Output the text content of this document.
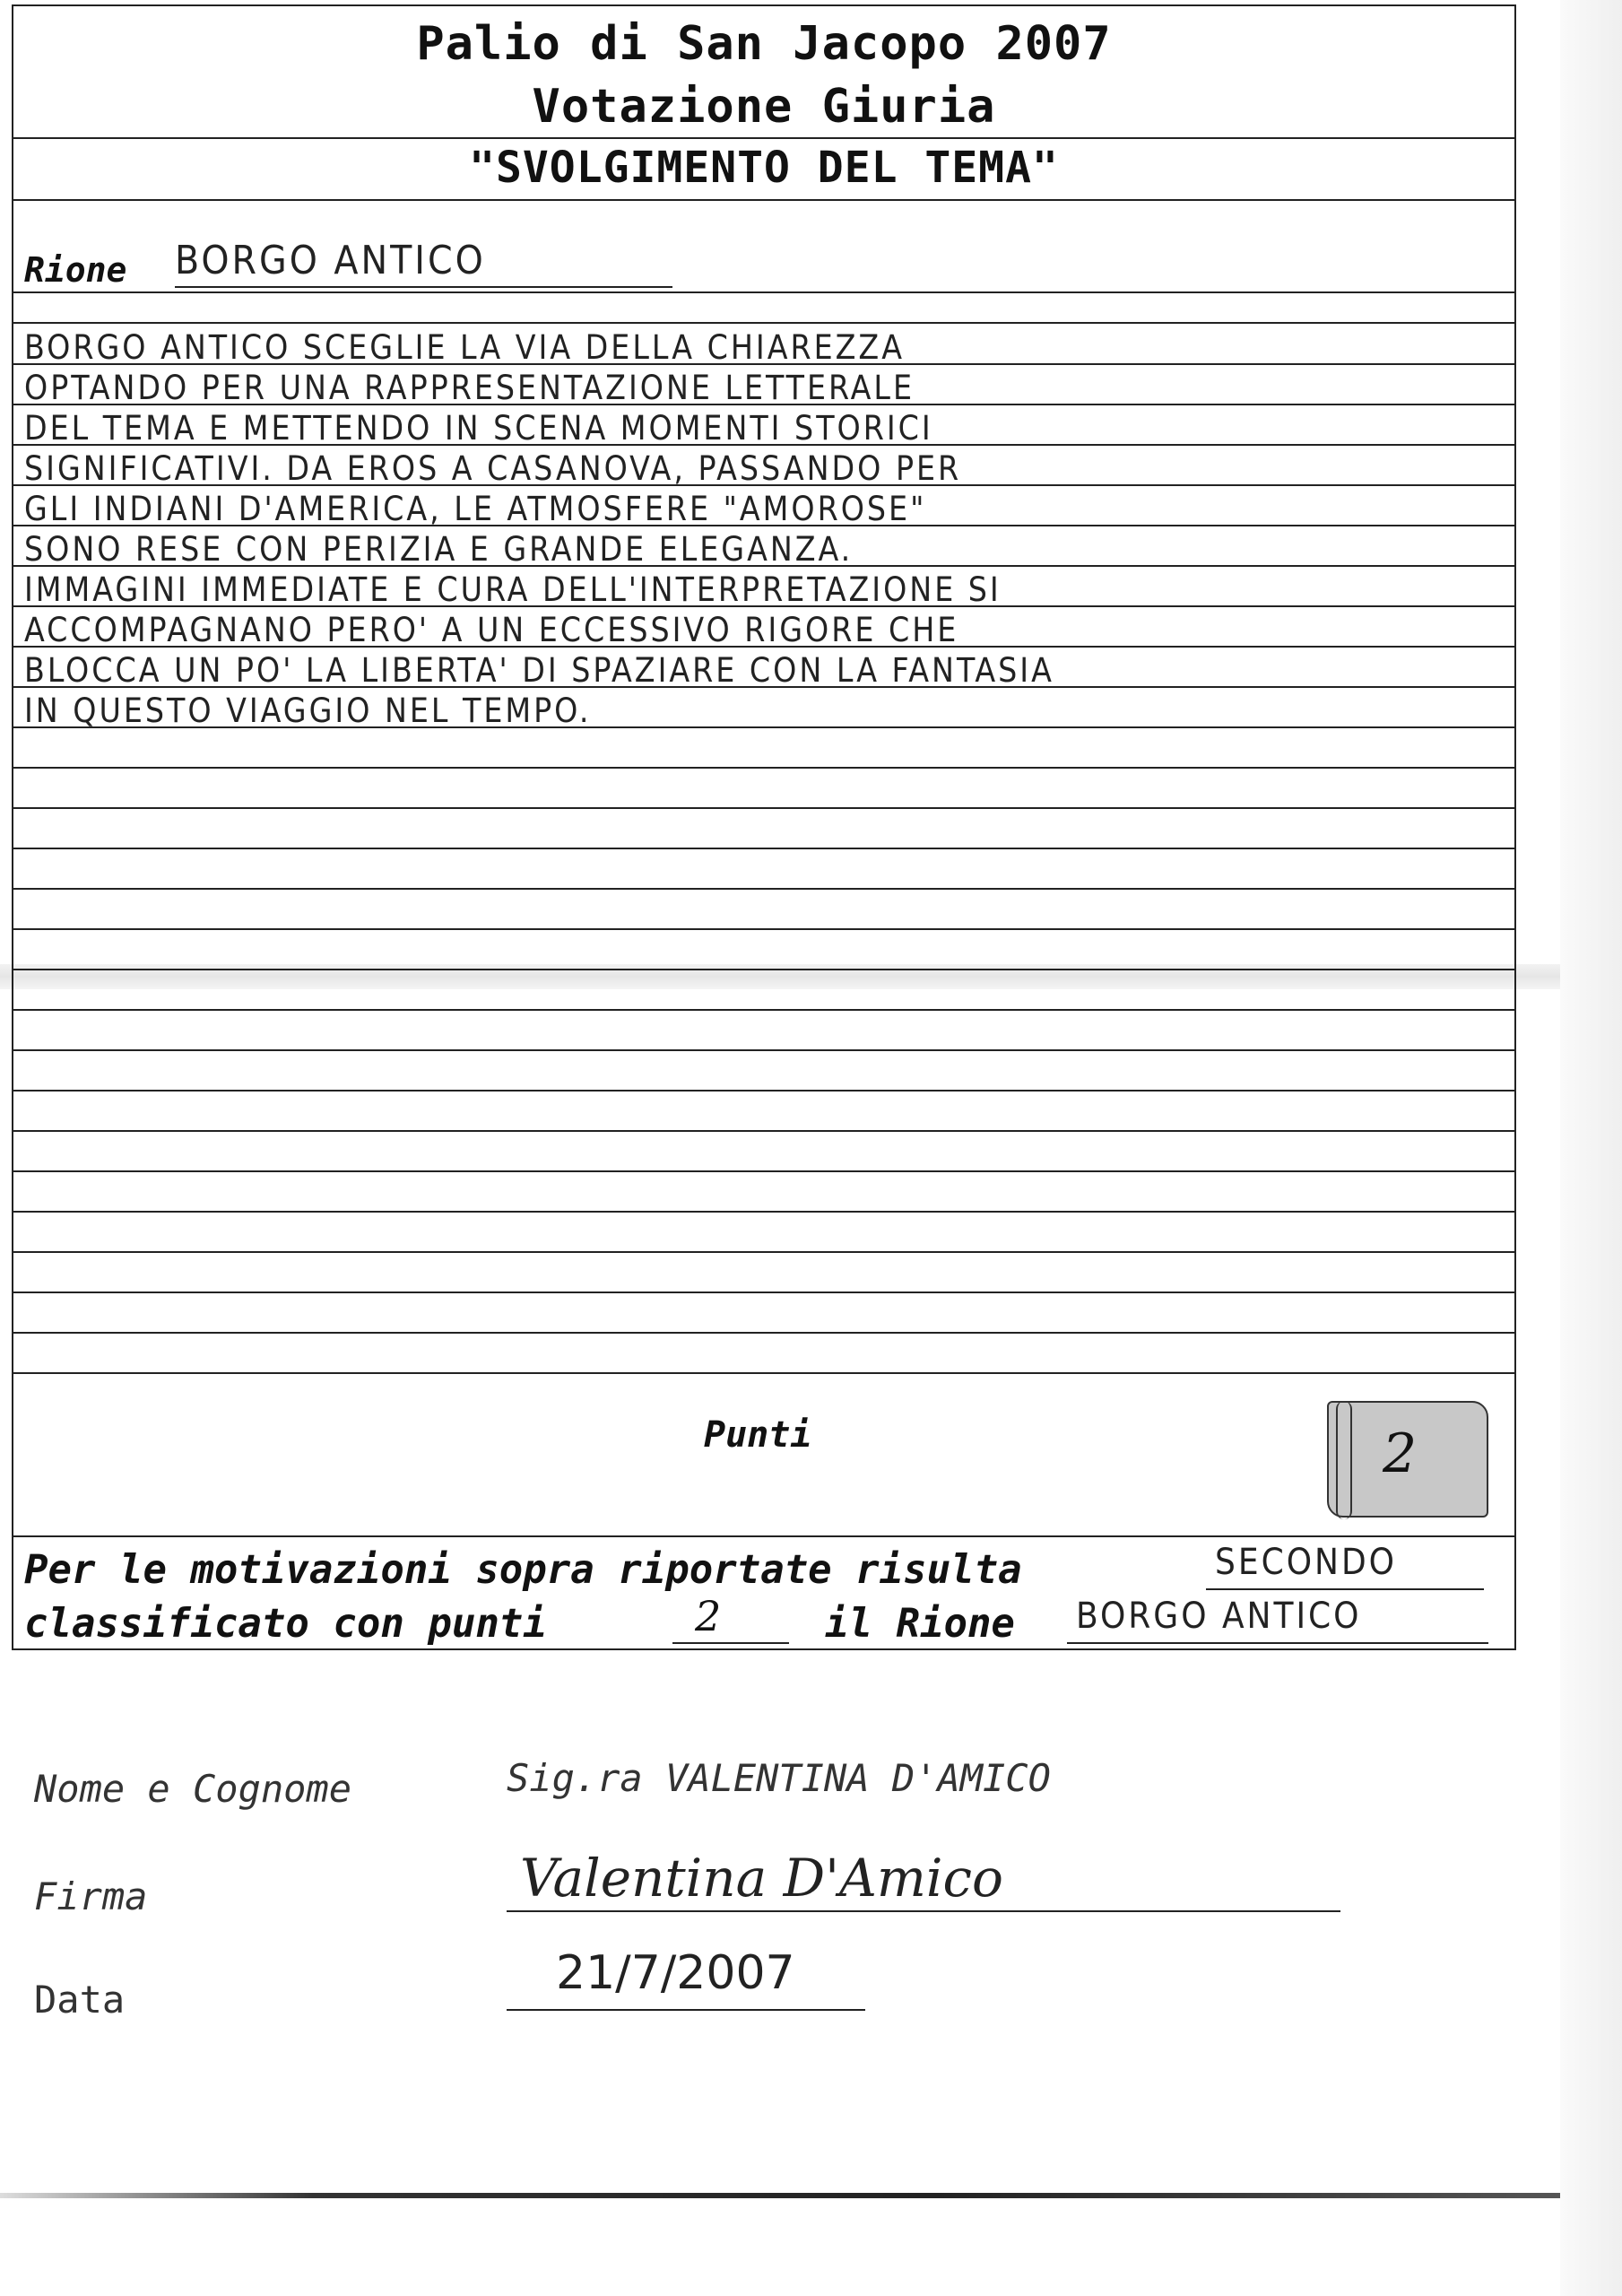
Palio di San Jacopo 2007
Votazione Giuria
"SVOLGIMENTO DEL TEMA"
Rione BORGO ANTICO
BORGO ANTICO SCEGLIE LA VIA DELLA CHIAREZZA
OPTANDO PER UNA RAPPRESENTAZIONE LETTERALE
DEL TEMA E METTENDO IN SCENA MOMENTI STORICI
SIGNIFICATIVI. DA EROS A CASANOVA, PASSANDO PER
GLI INDIANI D'AMERICA, LE ATMOSFERE "AMOROSE"
SONO RESE CON PERIZIA E GRANDE ELEGANZA.
IMMAGINI IMMEDIATE E CURA DELL'INTERPRETAZIONE SI
ACCOMPAGNANO PERO' A UN ECCESSIVO RIGORE CHE
BLOCCA UN PO' LA LIBERTA' DI SPAZIARE CON LA FANTASIA
IN QUESTO VIAGGIO NEL TEMPO.
Punti	2
Per le motivazioni sopra riportate risulta	SECONDO
classificato con punti	2	il Rione BORGO ANTICO
Nome e Cognome	Sig.ra VALENTINA D'AMICO
Firma	Valentina D'Amico
Data	21/7/2007
